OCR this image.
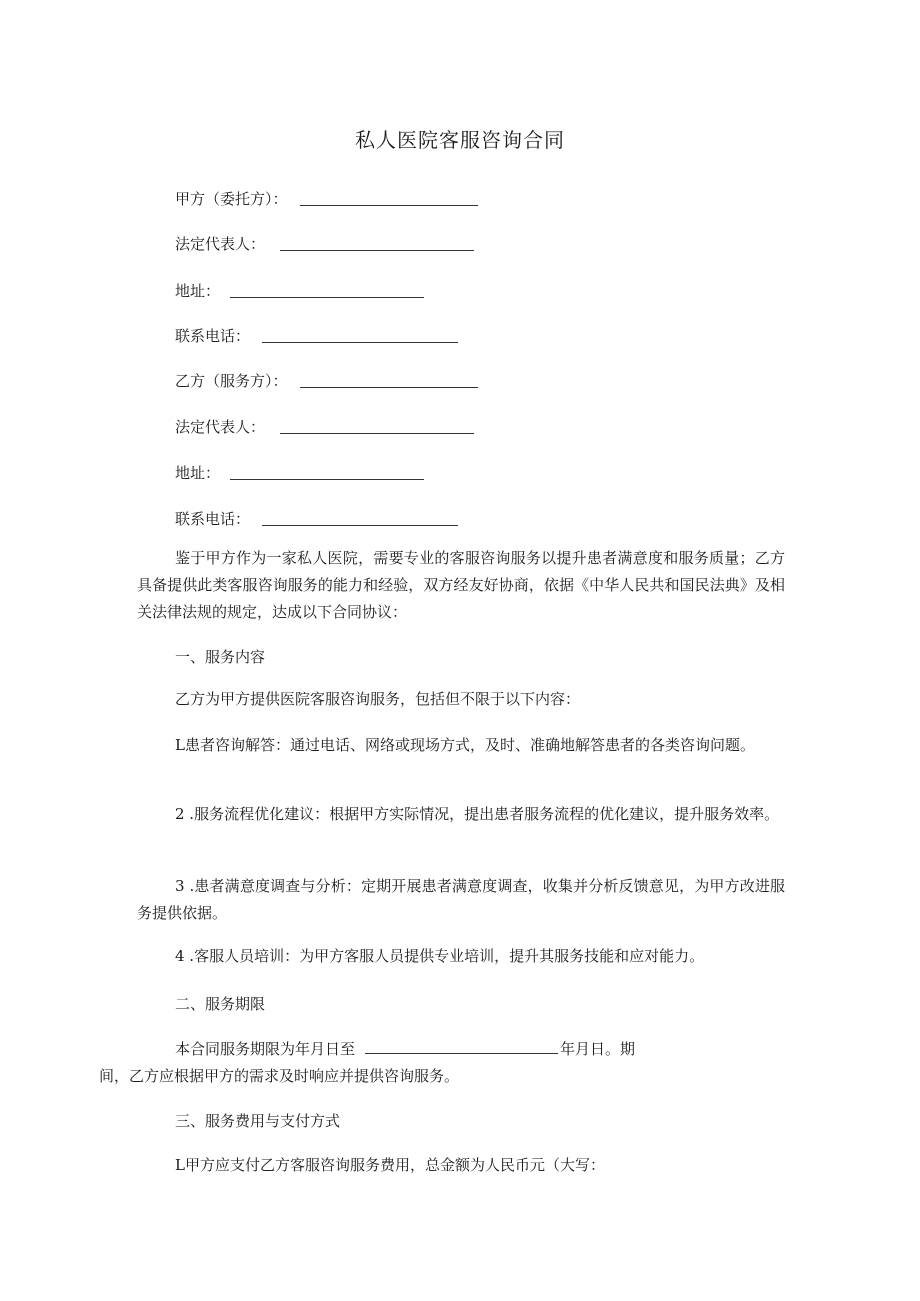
私人医院客服咨询合同
甲方（委托方）：
法定代表人：
地址：
联系电话：
乙方（服务方）：
法定代表人：
地址：
联系电话：

鉴于甲方作为一家私人医院，需要专业的客服咨询服务以提升患者满意度和服务质量；乙方具备提供此类客服咨询服务的能力和经验，双方经友好协商，依据《中华人民共和国民法典》及相关法律法规的规定，达成以下合同协议：

一、服务内容

乙方为甲方提供医院客服咨询服务，包括但不限于以下内容：

L患者咨询解答：通过电话、网络或现场方式，及时、准确地解答患者的各类咨询问题。

2 .服务流程优化建议：根据甲方实际情况，提出患者服务流程的优化建议，提升服务效率。

3 .患者满意度调查与分析：定期开展患者满意度调查，收集并分析反馈意见，为甲方改进服务提供依据。

4 .客服人员培训：为甲方客服人员提供专业培训，提升其服务技能和应对能力。

二、服务期限

本合同服务期限为年月日至	年月日。期
间，乙方应根据甲方的需求及时响应并提供咨询服务。

三、服务费用与支付方式

L甲方应支付乙方客服咨询服务费用，总金额为人民币元（大写：
